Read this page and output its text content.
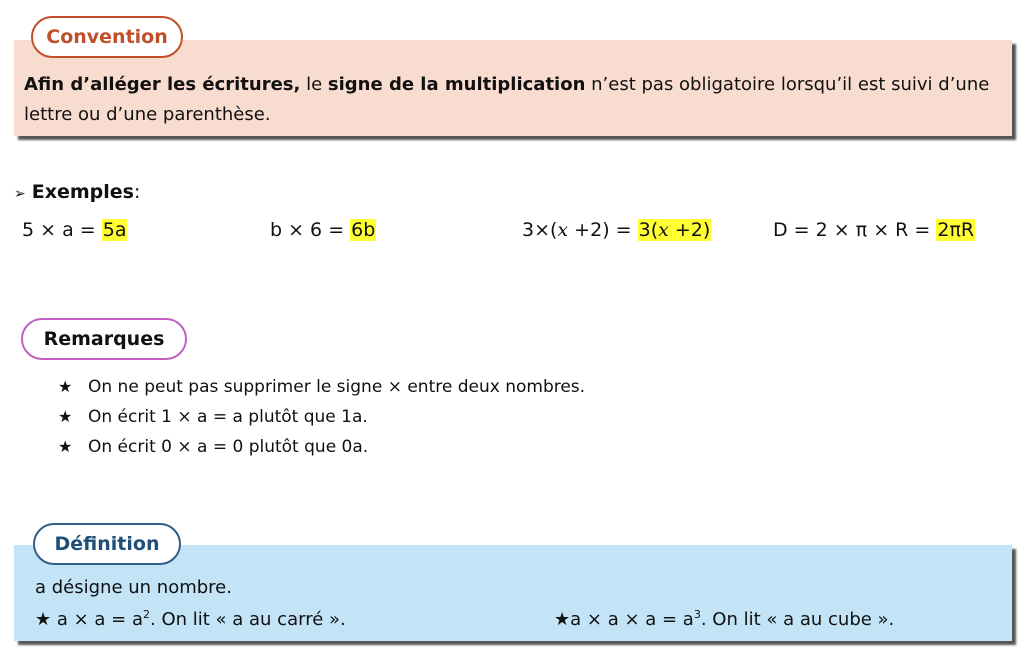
Afin d’alléger les écritures, le signe de la multiplication n’est pas obligatoire lorsqu’il est suivi d’une lettre ou d’une parenthèse.
Convention
➢ Exemples :
5 × a = 5a	b × 6 = 6b	3×(x +2) = 3(x +2)	D = 2 × π × R = 2πR
Remarques
★ On ne peut pas supprimer le signe × entre deux nombres.
★ On écrit 1 × a = a plutôt que 1a.
★ On écrit 0 × a = 0 plutôt que 0a.
a désigne un nombre.
★ $a \times a = a^2$. On lit « a au carré ».	★a × $a \times a = a^3$. On lit « a au cube ».
Définition
